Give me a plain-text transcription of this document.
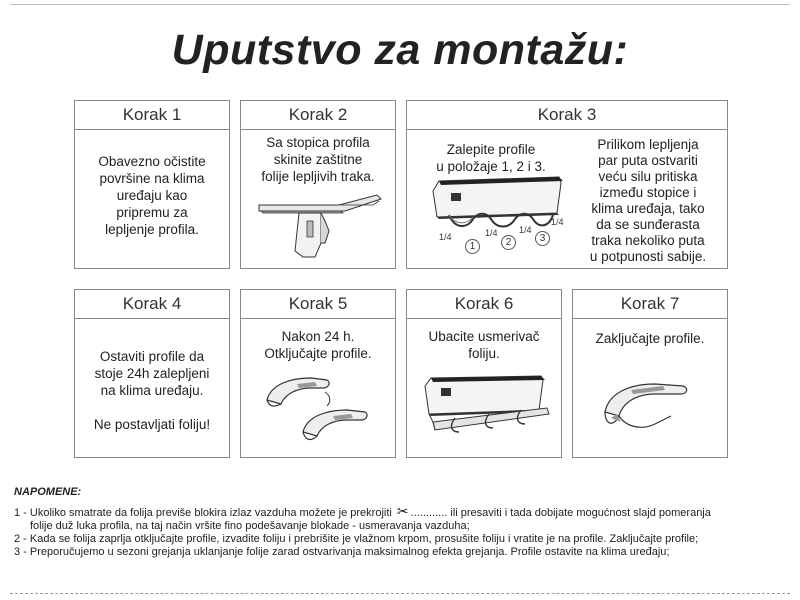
Uputstvo za montažu:
Korak 1
Obavezno očistite
površine na klima
uređaju kao
pripremu za
lepljenje profila.
Korak 2
Sa stopica profila
skinite zaštitne
folije lepljivih traka.
Korak 3
Zalepite profile
u položaje 1, 2 i 3.
Prilikom lepljenja
par puta ostvariti
veću silu pritiska
između stopice i
klima uređaja, tako
da se sunđerasta
traka nekoliko puta
u potpunosti sabije.
1/4	1/4 1/4
1/4
1	2	3
Korak 4
Ostaviti profile da
stoje 24h zalepljeni
na klima uređaju.
Ne postavljati foliju!
Korak 5
Nakon 24 h.
Otključajte profile.
Korak 6
Ubacite usmerivač
foliju.
Korak 7
Zaključajte profile.
NAPOMENE:
1 - Ukoliko smatrate da folija previše blokira izlaz vazduha možete je prekrojiti ✂ ............ ili presaviti i tada dobijate mogućnost slajd pomeranja
folije duž luka profila, na taj način vršite fino podešavanje blokade - usmeravanja vazduha;
2 - Kada se folija zaprlja otključajte profile, izvadite foliju i prebrišite je vlažnom krpom, prosušite foliju i vratite je na profile. Zaključajte profile;
3 - Preporučujemo u sezoni grejanja uklanjanje folije zarad ostvarivanja maksimalnog efekta grejanja. Profile ostavite na klima uređaju;
